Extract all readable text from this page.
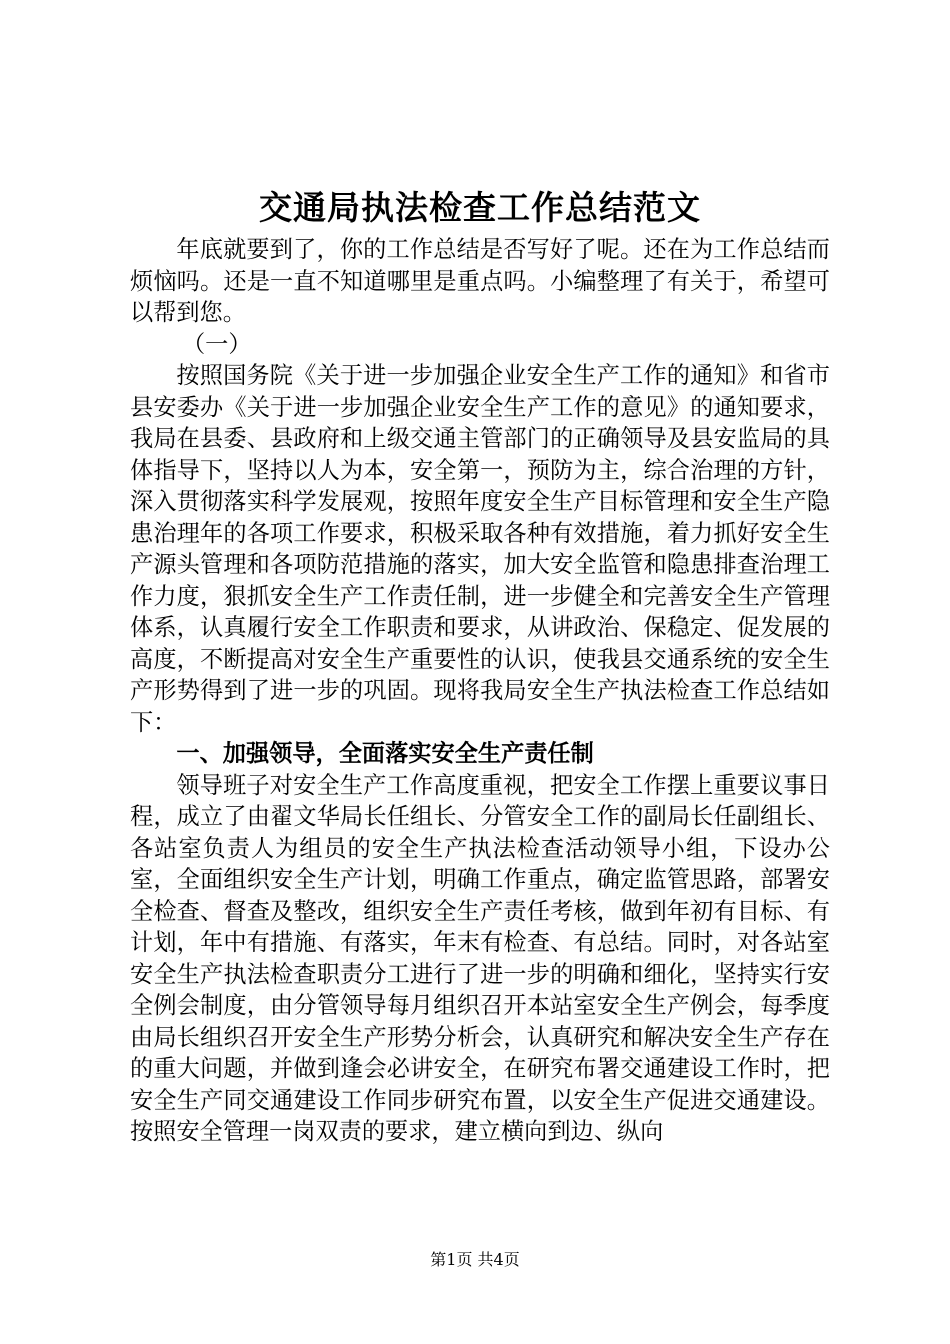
交通局执法检查工作总结范文

年底就要到了，你的工作总结是否写好了呢。还在为工作总结而烦恼吗。还是一直不知道哪里是重点吗。小编整理了有关于，希望可以帮到您。

（一）

按照国务院《关于进一步加强企业安全生产工作的通知》和省市县安委办《关于进一步加强企业安全生产工作的意见》的通知要求，我局在县委、县政府和上级交通主管部门的正确领导及县安监局的具体指导下，坚持以人为本，安全第一，预防为主，综合治理的方针，深入贯彻落实科学发展观，按照年度安全生产目标管理和安全生产隐患治理年的各项工作要求，积极采取各种有效措施，着力抓好安全生产源头管理和各项防范措施的落实，加大安全监管和隐患排查治理工作力度，狠抓安全生产工作责任制，进一步健全和完善安全生产管理体系，认真履行安全工作职责和要求，从讲政治、保稳定、促发展的高度，不断提高对安全生产重要性的认识，使我县交通系统的安全生产形势得到了进一步的巩固。现将我局安全生产执法检查工作总结如下：

一、加强领导，全面落实安全生产责任制

领导班子对安全生产工作高度重视，把安全工作摆上重要议事日程，成立了由翟文华局长任组长、分管安全工作的副局长任副组长、各站室负责人为组员的安全生产执法检查活动领导小组，下设办公室，全面组织安全生产计划，明确工作重点，确定监管思路，部署安全检查、督查及整改，组织安全生产责任考核，做到年初有目标、有计划，年中有措施、有落实，年末有检查、有总结。同时，对各站室安全生产执法检查职责分工进行了进一步的明确和细化，坚持实行安全例会制度，由分管领导每月组织召开本站室安全生产例会，每季度由局长组织召开安全生产形势分析会，认真研究和解决安全生产存在的重大问题，并做到逢会必讲安全，在研究布署交通建设工作时，把安全生产同交通建设工作同步研究布置，以安全生产促进交通建设。按照安全管理一岗双责的要求，建立横向到边、纵向

第1页 共4页
